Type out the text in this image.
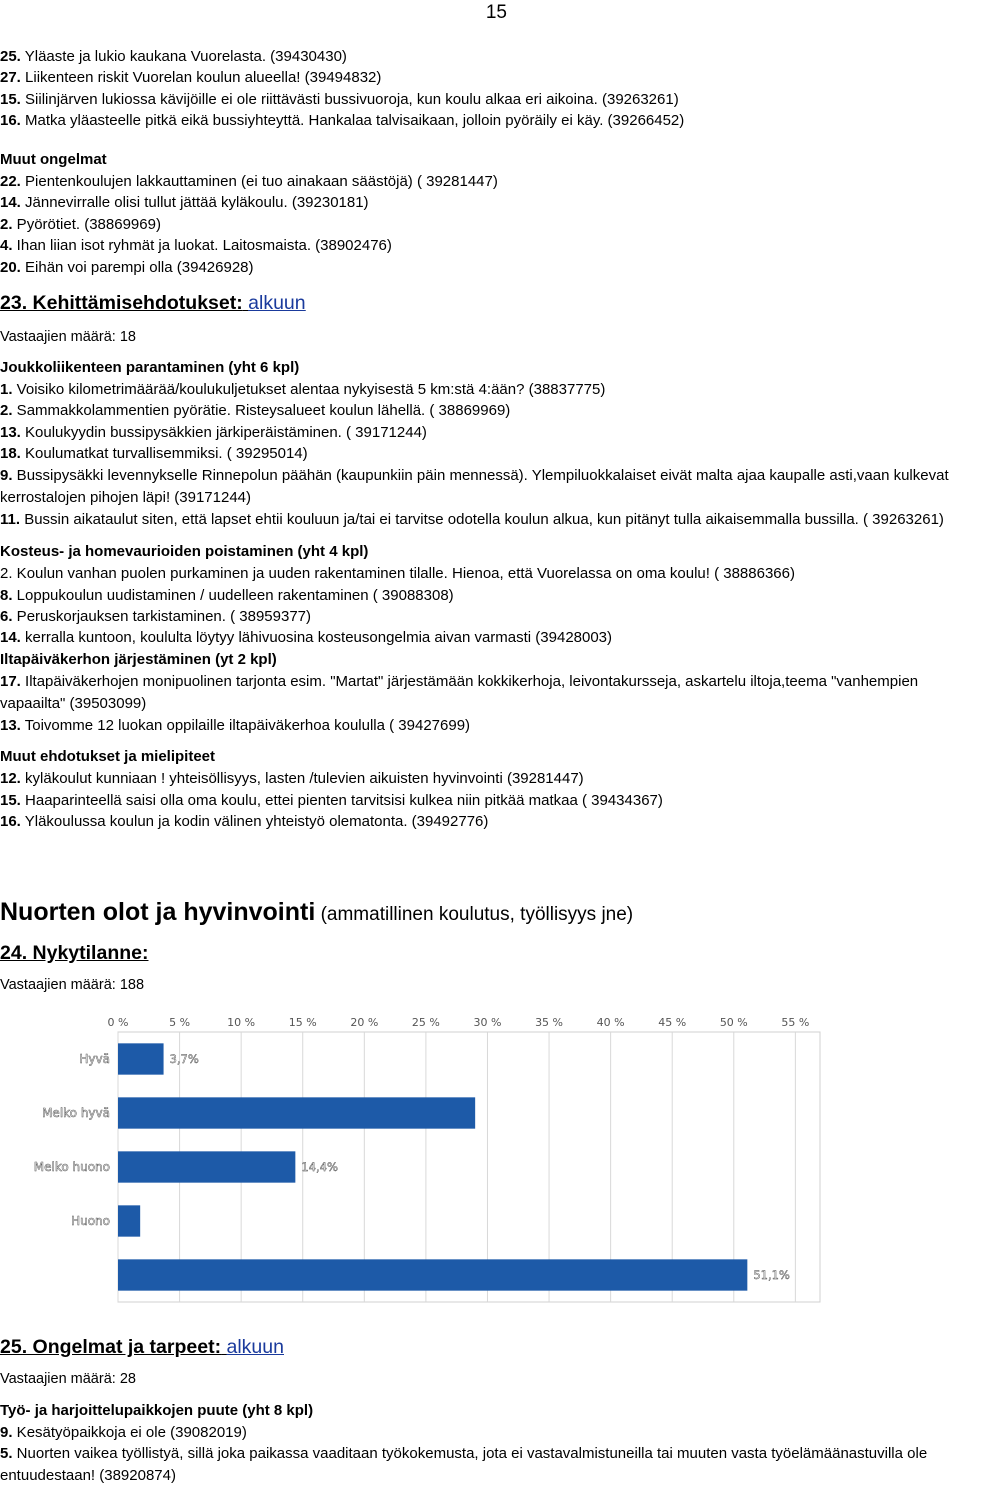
15
25. Yläaste ja lukio kaukana Vuorelasta. (39430430)
27. Liikenteen riskit Vuorelan koulun alueella! (39494832)
15. Siilinjärven lukiossa kävijöille ei ole riittävästi bussivuoroja, kun koulu alkaa eri aikoina. (39263261)
16. Matka yläasteelle pitkä eikä bussiyhteyttä. Hankalaa talvisaikaan, jolloin pyöräily ei käy. (39266452)
Muut ongelmat
22. Pientenkoulujen lakkauttaminen (ei tuo ainakaan säästöjä) ( 39281447)
14. Jännevirralle olisi tullut jättää kyläkoulu. (39230181)
2. Pyörötiet. (38869969)
4. Ihan liian isot ryhmät ja luokat. Laitosmaista. (38902476)
20. Eihän voi parempi olla (39426928)
23. Kehittämisehdotukset: alkuun
Vastaajien määrä: 18
Joukkoliikenteen parantaminen (yht 6 kpl)
1. Voisiko kilometrimäärää/koulukuljetukset alentaa nykyisestä 5 km:stä 4:ään? (38837775)
2. Sammakkolammentien pyörätie. Risteysalueet koulun lähellä. ( 38869969)
13. Koulukyydin bussipysäkkien järkiperäistäminen. ( 39171244)
18. Koulumatkat turvallisemmiksi. ( 39295014)
9. Bussipysäkki levennykselle Rinnepolun päähän (kaupunkiin päin mennessä). Ylempiluokkalaiset eivät malta ajaa kaupalle asti,vaan kulkevat kerrostalojen pihojen läpi! (39171244)
11. Bussin aikataulut siten, että lapset ehtii kouluun ja/tai ei tarvitse odotella koulun alkua, kun pitänyt tulla aikaisemmalla bussilla. ( 39263261)
Kosteus- ja homevaurioiden poistaminen (yht 4 kpl)
2. Koulun vanhan puolen purkaminen ja uuden rakentaminen tilalle. Hienoa, että Vuorelassa on oma koulu! ( 38886366)
8. Loppukoulun uudistaminen / uudelleen rakentaminen ( 39088308)
6. Peruskorjauksen tarkistaminen. ( 38959377)
14. kerralla kuntoon, koululta löytyy lähivuosina kosteusongelmia aivan varmasti (39428003)
Iltapäiväkerhon järjestäminen (yt 2 kpl)
17. Iltapäiväkerhojen monipuolinen tarjonta esim. "Martat" järjestämään kokkikerhoja, leivontakursseja, askartelu iltoja,teema "vanhempien vapaailta" (39503099)
13. Toivomme 12 luokan oppilaille iltapäiväkerhoa koululla ( 39427699)
Muut ehdotukset ja mielipiteet
12. kyläkoulut kunniaan ! yhteisöllisyys, lasten /tulevien aikuisten hyvinvointi (39281447)
15. Haaparinteellä saisi olla oma koulu, ettei pienten tarvitsisi kulkea niin pitkää matkaa ( 39434367)
16. Yläkoulussa koulun ja kodin välinen yhteistyö olematonta. (39492776)
Nuorten olot ja hyvinvointi (ammatillinen koulutus, työllisyys jne)
24. Nykytilanne:
Vastaajien määrä: 188
0 %	5 %	10 %	15 %	20 %	25 %	30 %	35 %	40 %	45 %	50 %	55 %
Hyvä	3,7%
Melko hyvä
Melko huono	14,4%
Huono
51,1%
25. Ongelmat ja tarpeet: alkuun
Vastaajien määrä: 28
Työ- ja harjoittelupaikkojen puute (yht 8 kpl)
9. Kesätyöpaikkoja ei ole (39082019)
5. Nuorten vaikea työllistyä, sillä joka paikassa vaaditaan työkokemusta, jota ei vastavalmistuneilla tai muuten vasta työelämäänastuvilla ole entuudestaan! (38920874)
